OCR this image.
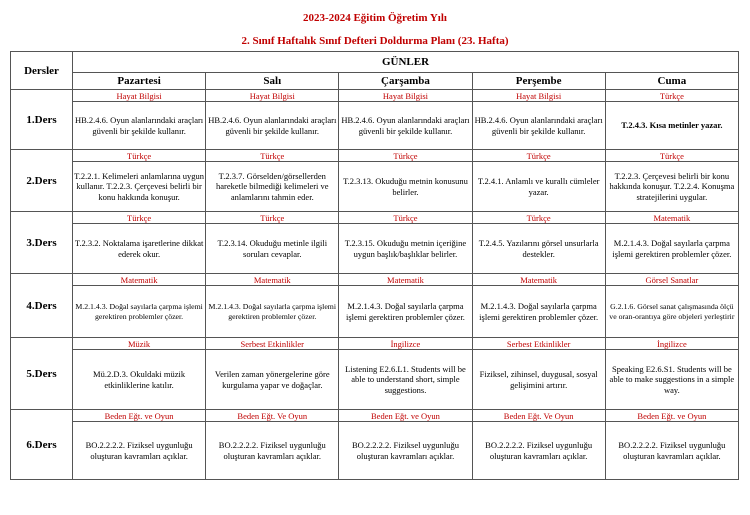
2023-2024 Eğitim Öğretim Yılı
2. Sınıf Haftalık Sınıf Defteri Doldurma Planı (23. Hafta)
Dersler	GÜNLER				
	Pazartesi	Salı	Çarşamba	Perşembe	Cuma
1.Ders	Hayat Bilgisi	Hayat Bilgisi	Hayat Bilgisi	Hayat Bilgisi	Türkçe
	HB.2.4.6. Oyun alanlarındaki araçları güvenli bir şekilde kullanır.	HB.2.4.6. Oyun alanlarındaki araçları güvenli bir şekilde kullanır.	HB.2.4.6. Oyun alanlarındaki araçları güvenli bir şekilde kullanır.	HB.2.4.6. Oyun alanlarındaki araçları güvenli bir şekilde kullanır.	T.2.4.3. Kısa metinler yazar.
2.Ders	Türkçe	Türkçe	Türkçe	Türkçe	Türkçe
	T.2.2.1. Kelimeleri anlamlarına uygun kullanır. T.2.2.3. Çerçevesi belirli bir konu hakkında konuşur.	T.2.3.7. Görselden/görsellerden hareketle bilmediği kelimeleri ve anlamlarını tahmin eder.	T.2.3.13. Okuduğu metnin konusunu belirler.	T.2.4.1. Anlamlı ve kurallı cümleler yazar.	T.2.2.3. Çerçevesi belirli bir konu hakkında konuşur. T.2.2.4. Konuşma stratejilerini uygular.
3.Ders	Türkçe	Türkçe	Türkçe	Türkçe	Matematik
	T.2.3.2. Noktalama işaretlerine dikkat ederek okur.	T.2.3.14. Okuduğu metinle ilgili soruları cevaplar.	T.2.3.15. Okuduğu metnin içeriğine uygun başlık/başlıklar belirler.	T.2.4.5. Yazılarını görsel unsurlarla destekler.	M.2.1.4.3. Doğal sayılarla çarpma işlemi gerektiren problemler çözer.
4.Ders	Matematik	Matematik	Matematik	Matematik	Görsel Sanatlar
	M.2.1.4.3. Doğal sayılarla çarpma işlemi gerektiren problemler çözer.	M.2.1.4.3. Doğal sayılarla çarpma işlemi gerektiren problemler çözer.	M.2.1.4.3. Doğal sayılarla çarpma işlemi gerektiren problemler çözer.	M.2.1.4.3. Doğal sayılarla çarpma işlemi gerektiren problemler çözer.	G.2.1.6. Görsel sanat çalışmasında ölçü ve oran-orantıya göre objeleri yerleştirir
5.Ders	Müzik	Serbest Etkinlikler	İngilizce	Serbest Etkinlikler	İngilizce
	Mü.2.D.3. Okuldaki müzik etkinliklerine katılır.	Verilen zaman yönergelerine göre kurgulama yapar ve doğaçlar.	Listening E2.6.L1. Students will be able to understand short, simple suggestions.	Fiziksel, zihinsel, duygusal, sosyal gelişimini artırır.	Speaking E2.6.S1. Students will be able to make suggestions in a simple way.
6.Ders	Beden Eğt. ve Oyun	Beden Eğt. Ve Oyun	Beden Eğt. ve Oyun	Beden Eğt. Ve Oyun	Beden Eğt. ve Oyun
	BO.2.2.2.2. Fiziksel uygunluğu oluşturan kavramları açıklar.	BO.2.2.2.2. Fiziksel uygunluğu oluşturan kavramları açıklar.	BO.2.2.2.2. Fiziksel uygunluğu oluşturan kavramları açıklar.	BO.2.2.2.2. Fiziksel uygunluğu oluşturan kavramları açıklar.	BO.2.2.2.2. Fiziksel uygunluğu oluşturan kavramları açıklar.
